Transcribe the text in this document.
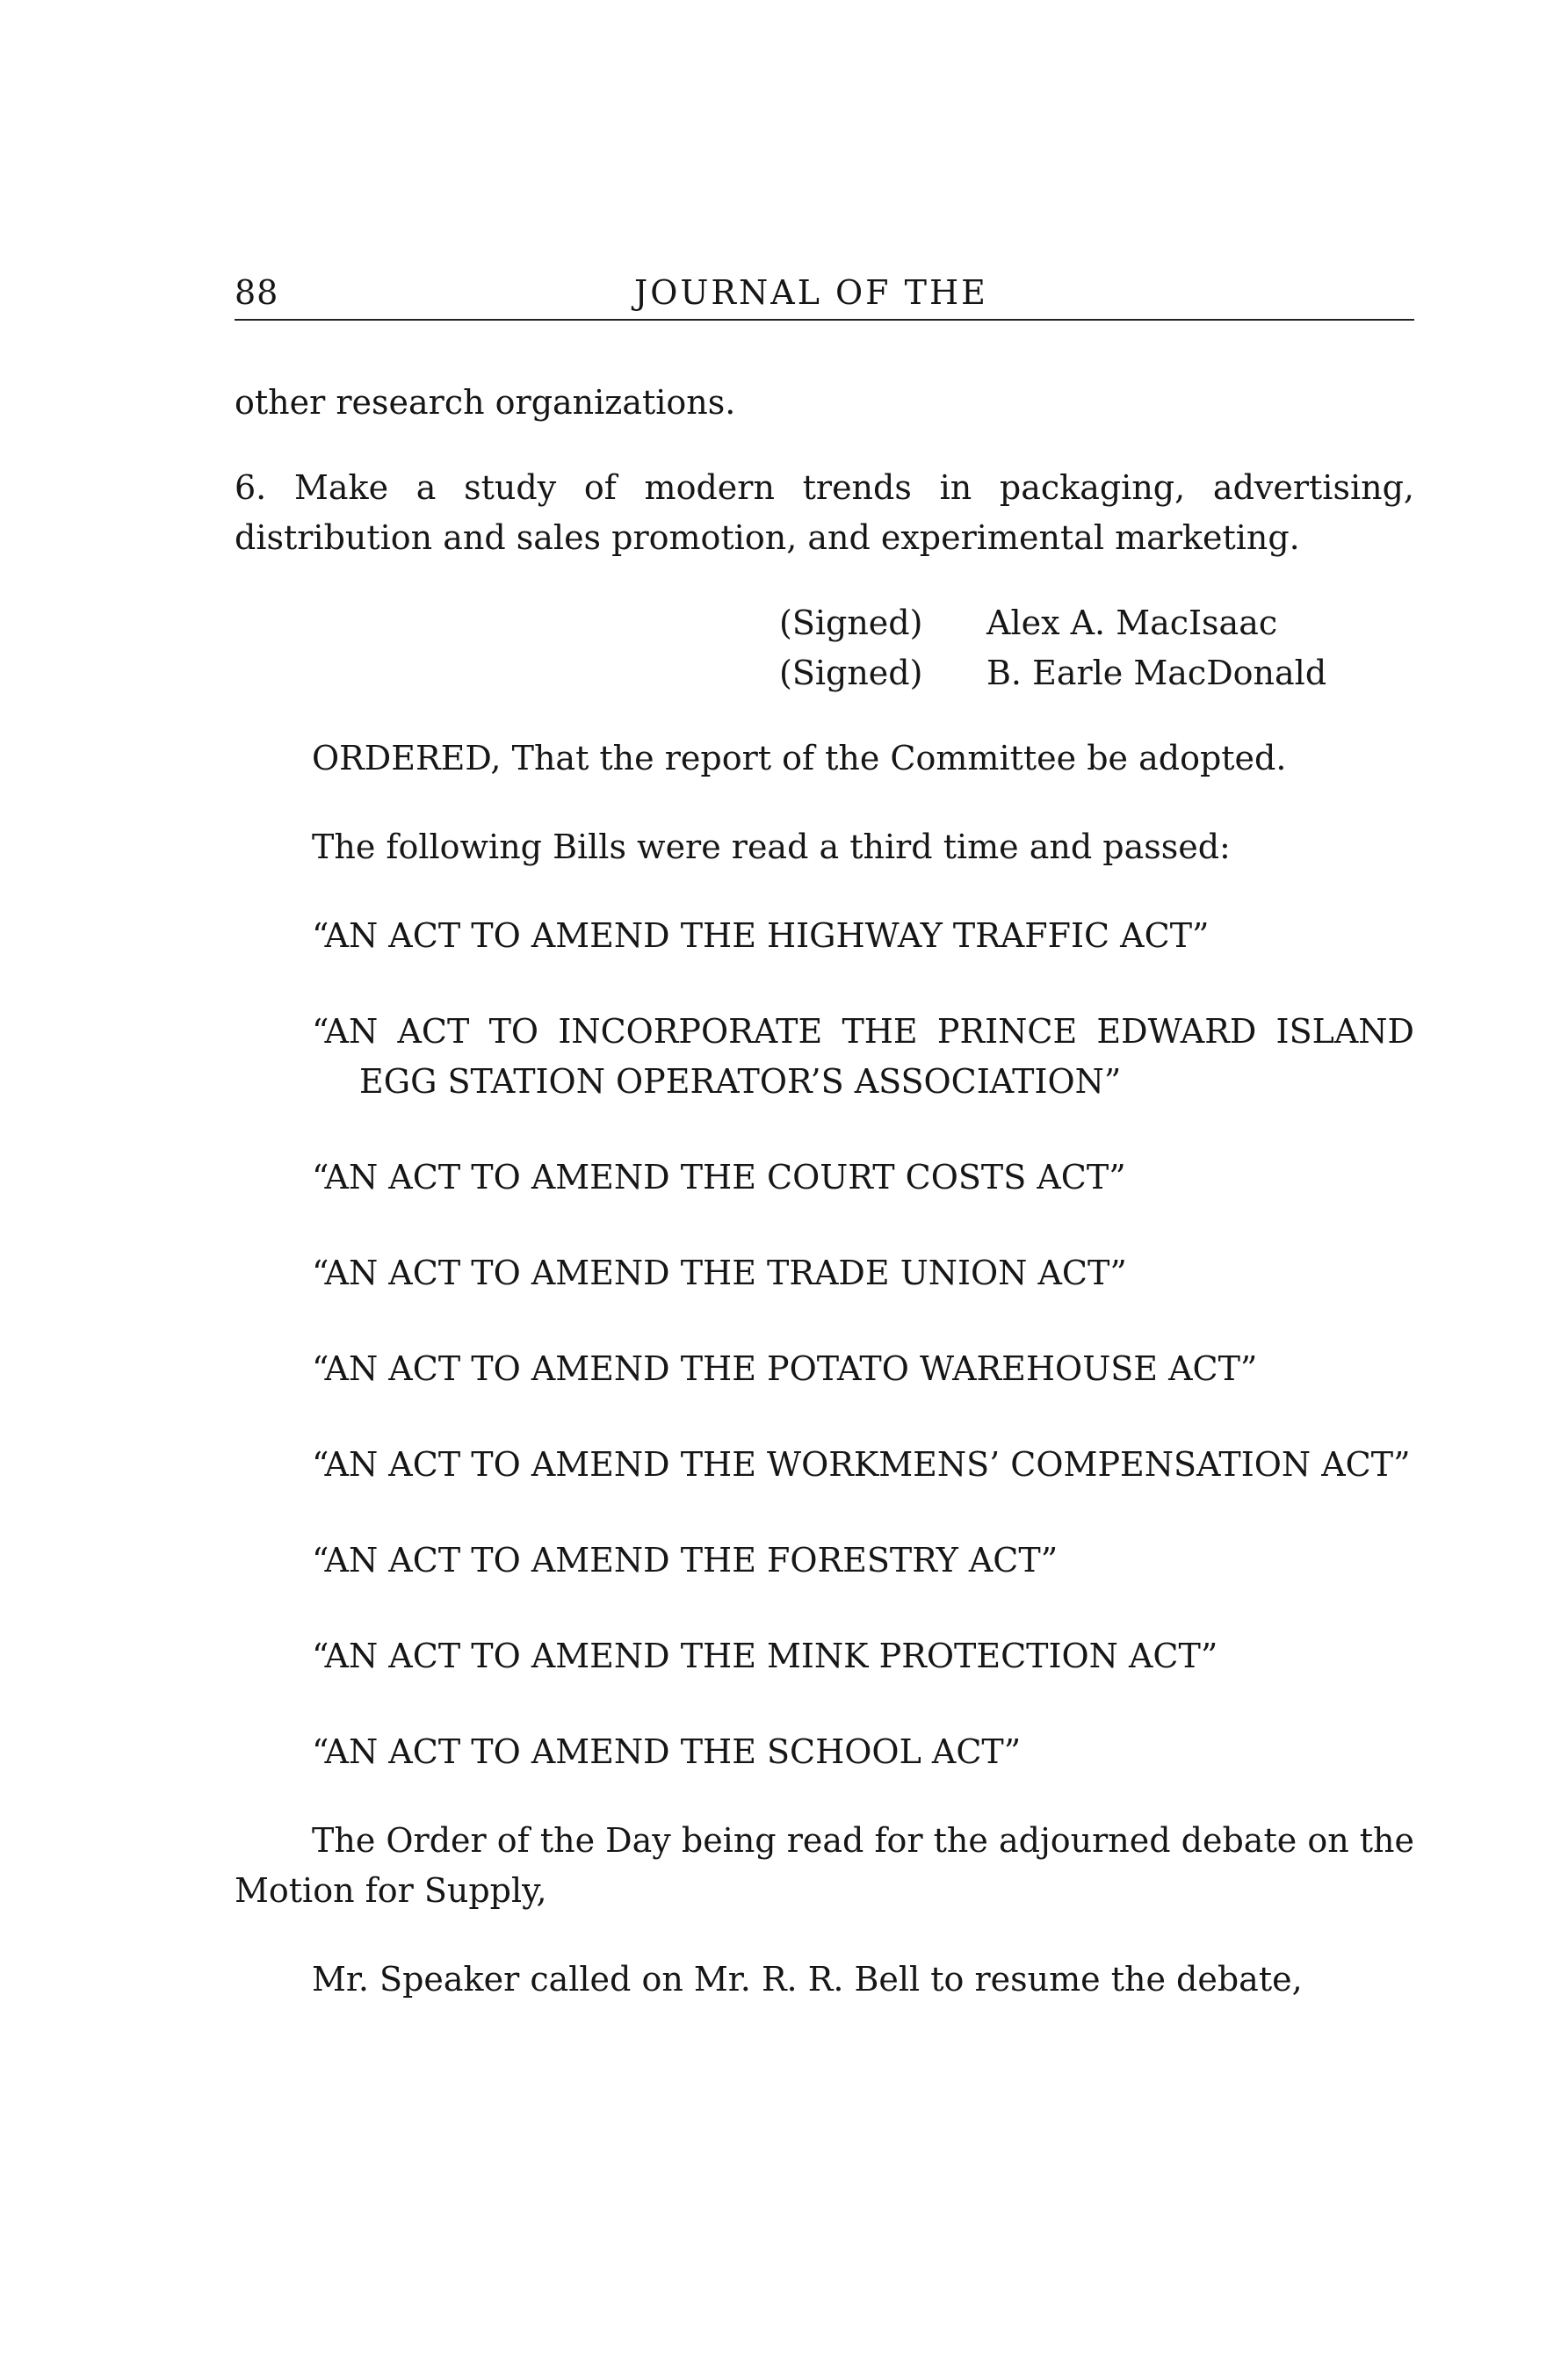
88	JOURNAL OF THE

other research organizations.

6. Make a study of modern trends in packaging, advertising, distribution and sales promotion, and experimental marketing.

(Signed) Alex A. MacIsaac

(Signed) B. Earle MacDonald

ORDERED, That the report of the Committee be adopted.

The following Bills were read a third time and passed:

“AN ACT TO AMEND THE HIGHWAY TRAFFIC ACT”

“AN ACT TO INCORPORATE THE PRINCE EDWARD ISLAND EGG STATION OPERATOR’S ASSOCIATION”

“AN ACT TO AMEND THE COURT COSTS ACT”

“AN ACT TO AMEND THE TRADE UNION ACT”

“AN ACT TO AMEND THE POTATO WAREHOUSE ACT”

“AN ACT TO AMEND THE WORKMENS’ COMPENSATION ACT”

“AN ACT TO AMEND THE FORESTRY ACT”

“AN ACT TO AMEND THE MINK PROTECTION ACT”

“AN ACT TO AMEND THE SCHOOL ACT”

The Order of the Day being read for the adjourned debate on the Motion for Supply,

Mr. Speaker called on Mr. R. R. Bell to resume the debate,
